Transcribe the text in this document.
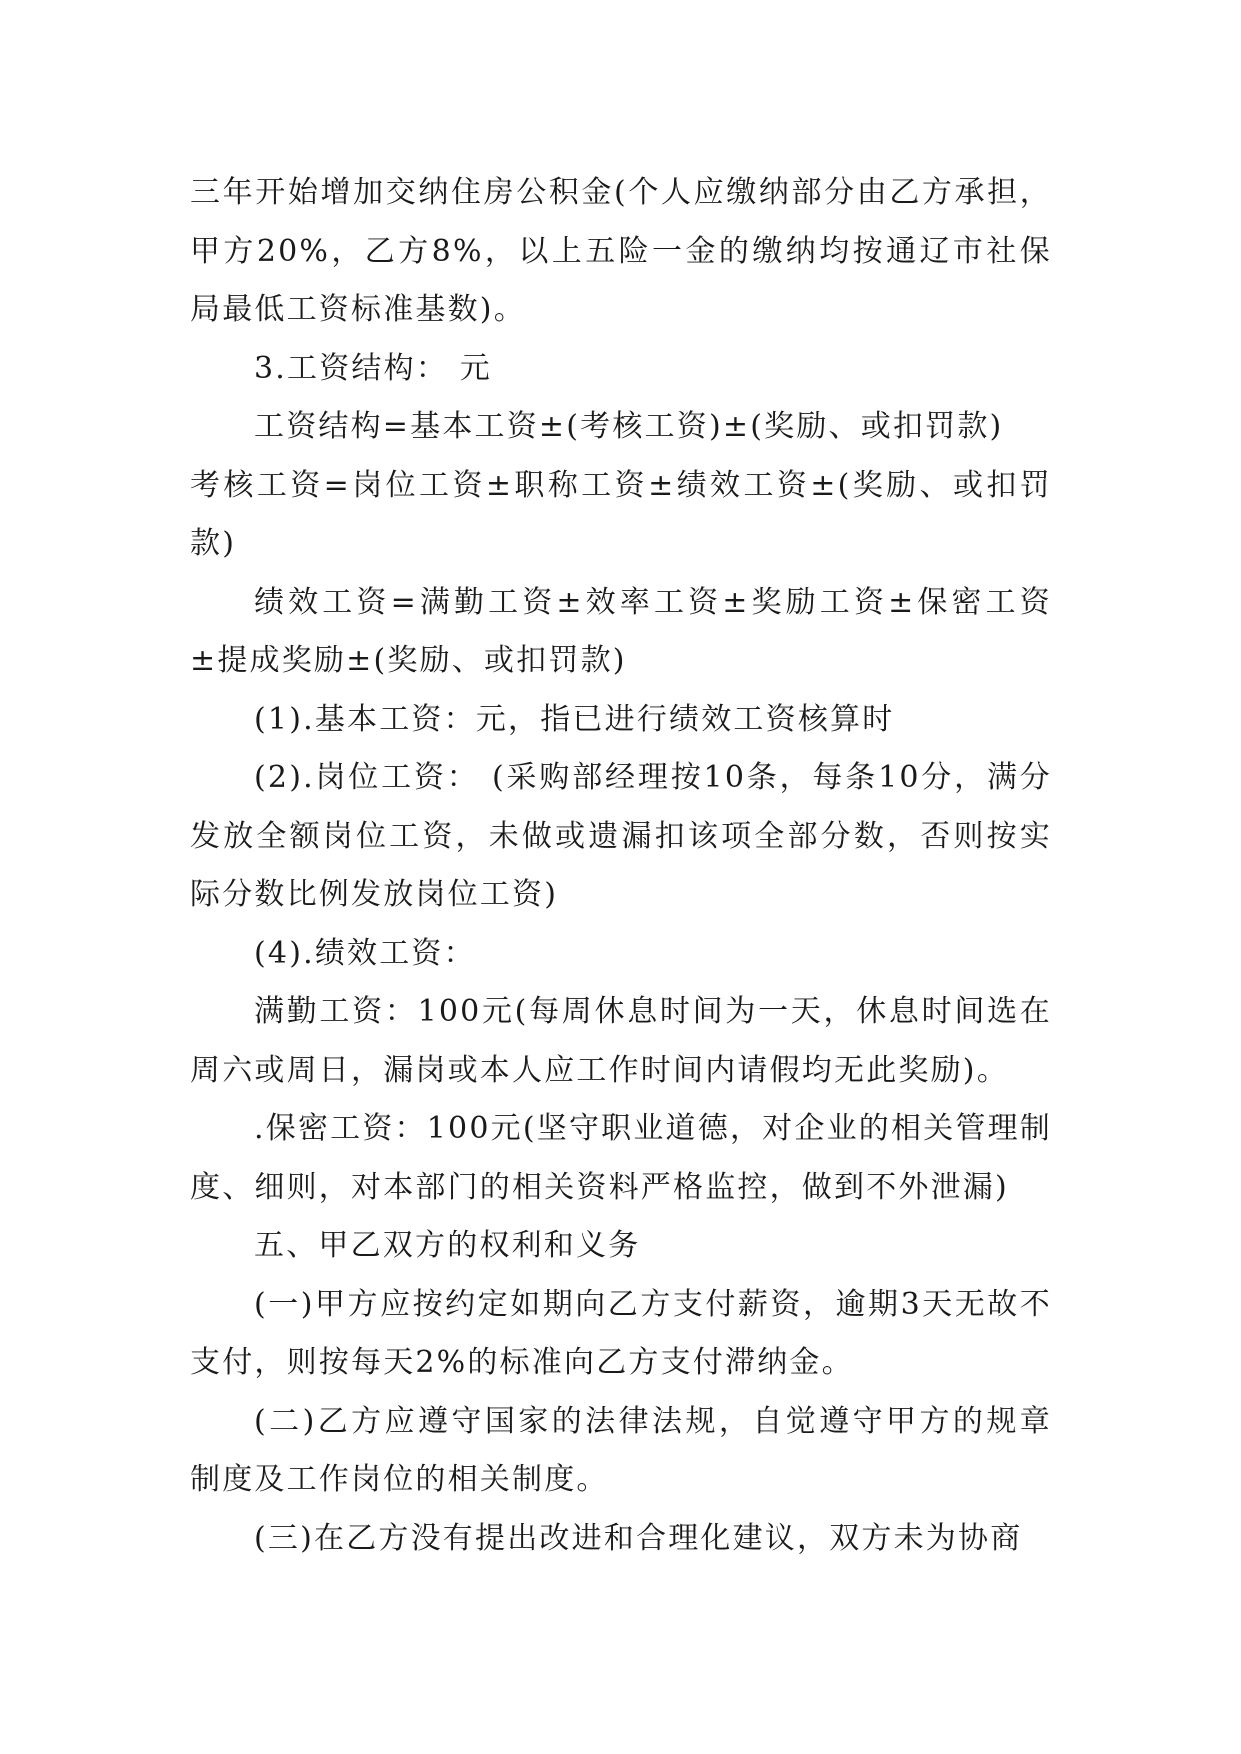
三年开始增加交纳住房公积金(个人应缴纳部分由乙方承担，甲方20%，乙方8%，以上五险一金的缴纳均按通辽市社保局最低工资标准基数)。

3.工资结构： 元

工资结构=基本工资±(考核工资)±(奖励、或扣罚款)

考核工资=岗位工资±职称工资±绩效工资±(奖励、或扣罚款)

绩效工资=满勤工资±效率工资±奖励工资±保密工资±提成奖励±(奖励、或扣罚款)

(1).基本工资：元，指已进行绩效工资核算时

(2).岗位工资： (采购部经理按10条，每条10分，满分发放全额岗位工资，未做或遗漏扣该项全部分数，否则按实际分数比例发放岗位工资)

(4).绩效工资：

满勤工资：100元(每周休息时间为一天，休息时间选在周六或周日，漏岗或本人应工作时间内请假均无此奖励)。

.保密工资：100元(坚守职业道德，对企业的相关管理制度、细则，对本部门的相关资料严格监控，做到不外泄漏)

五、甲乙双方的权利和义务

(一)甲方应按约定如期向乙方支付薪资，逾期3天无故不支付，则按每天2%的标准向乙方支付滞纳金。

(二)乙方应遵守国家的法律法规，自觉遵守甲方的规章制度及工作岗位的相关制度。

(三)在乙方没有提出改进和合理化建议，双方未为协商
